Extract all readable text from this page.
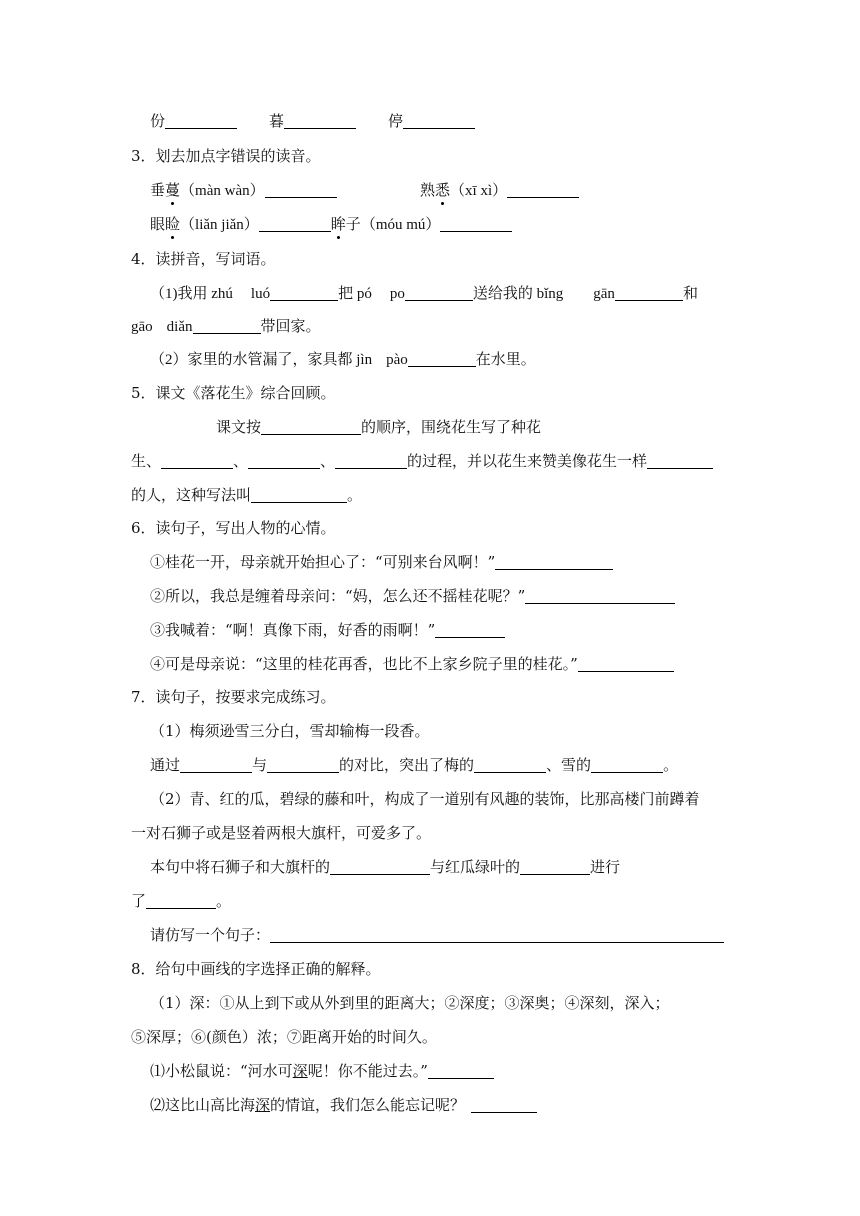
份	暮	停
3．划去加点字错误的读音。
垂蔓（màn wàn）	熟悉（xī xì）
眼睑（liǎn jiǎn）	眸子（móu mú）
4．读拼音，写词语。
（1)我用 zhú luó	把 pó po	送给我的 bǐng gān	和
gāo diǎn	带回家。
（2）家里的水管漏了，家具都 jìn pào	在水里。
5．课文《落花生》综合回顾。
课文按	的顺序，围绕花生写了种花
生、	、	、	的过程，并以花生来赞美像花生一样
的人，这种写法叫	。
6．读句子，写出人物的心情。
①桂花一开，母亲就开始担心了：“可别来台风啊！”
②所以，我总是缠着母亲问：“妈，怎么还不摇桂花呢？”
③我喊着：“啊！真像下雨，好香的雨啊！”
④可是母亲说：“这里的桂花再香，也比不上家乡院子里的桂花。”
7．读句子，按要求完成练习。
（1）梅须逊雪三分白，雪却输梅一段香。
通过	与	的对比，突出了梅的	、雪的	。
（2）青、红的瓜，碧绿的藤和叶，构成了一道别有风趣的装饰，比那高楼门前蹲着
一对石狮子或是竖着两根大旗杆，可爱多了。
本句中将石狮子和大旗杆的	与红瓜绿叶的	进行
了	。
请仿写一个句子：
8．给句中画线的字选择正确的解释。
（1）深：①从上到下或从外到里的距离大；②深度；③深奥；④深刻，深入；
⑤深厚；⑥(颜色）浓；⑦距离开始的时间久。
⑴小松鼠说：“河水可深呢！你不能过去。”
⑵这比山高比海深的情谊，我们怎么能忘记呢？
